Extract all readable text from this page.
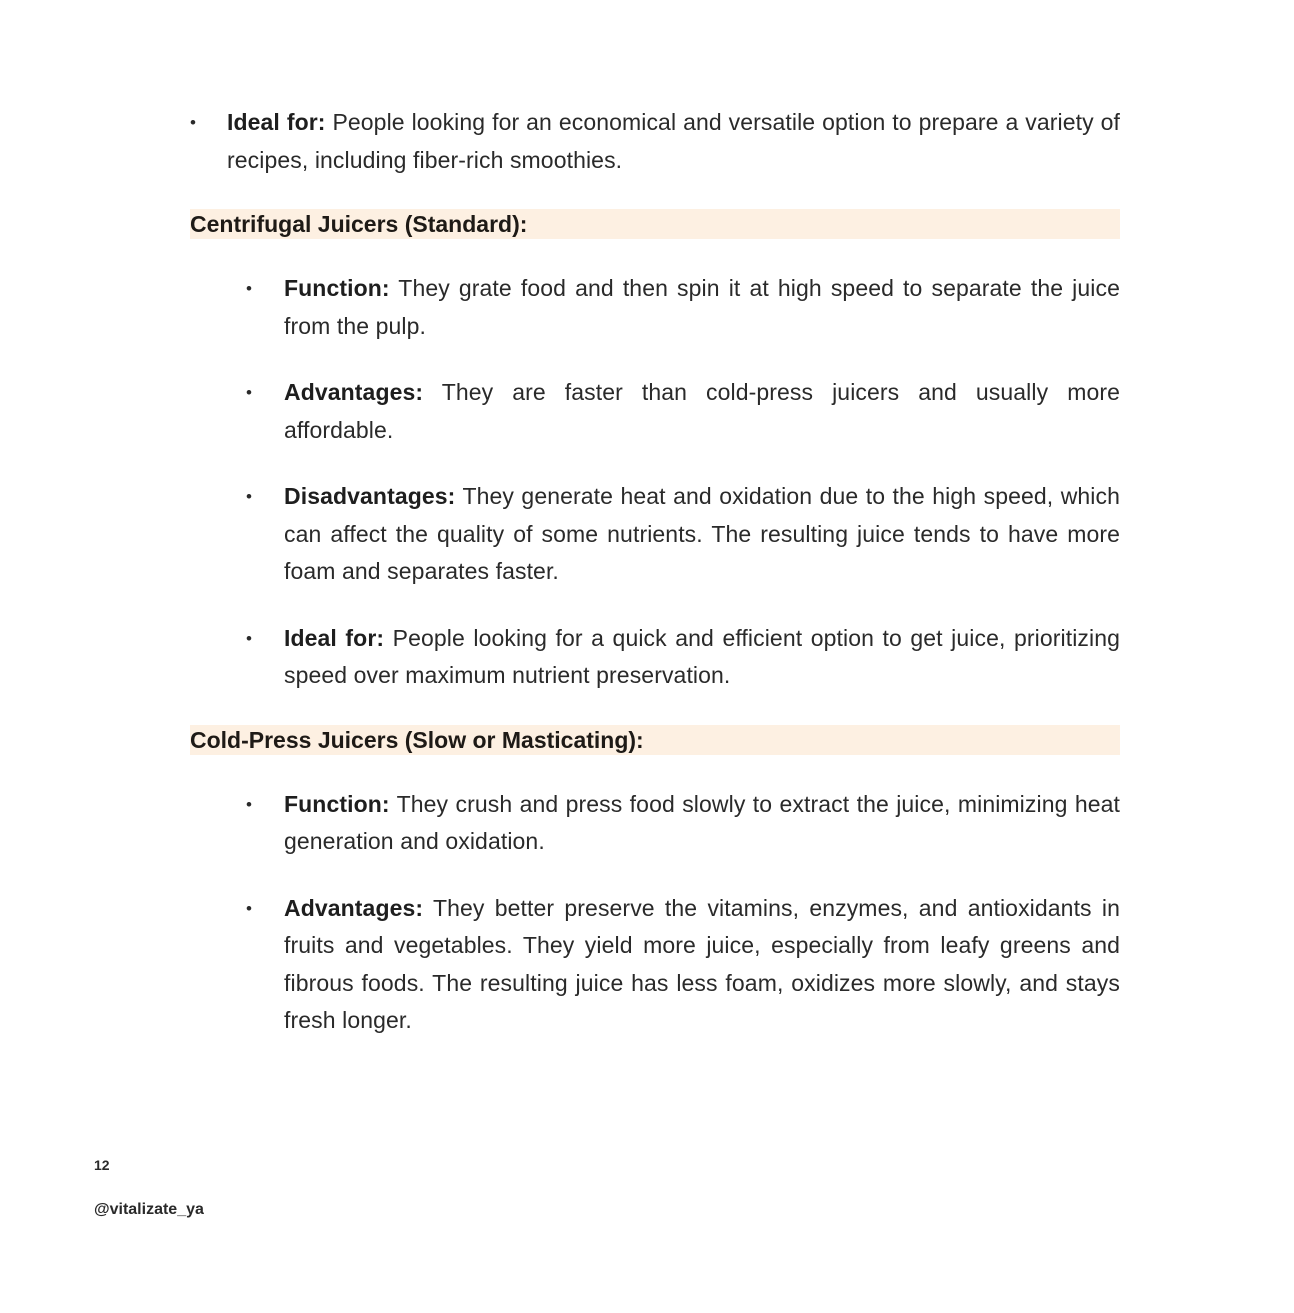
• Ideal for: People looking for an economical and versatile option to prepare a variety of recipes, including fiber-rich smoothies.
Centrifugal Juicers (Standard):
• Function: They grate food and then spin it at high speed to separate the juice from the pulp.
• Advantages: They are faster than cold-press juicers and usually more affordable.
• Disadvantages: They generate heat and oxidation due to the high speed, which can affect the quality of some nutrients. The resulting juice tends to have more foam and separates faster.
• Ideal for: People looking for a quick and efficient option to get juice, prioritizing speed over maximum nutrient preservation.
Cold-Press Juicers (Slow or Masticating):
• Function: They crush and press food slowly to extract the juice, minimizing heat generation and oxidation.
• Advantages: They better preserve the vitamins, enzymes, and antioxidants in fruits and vegetables. They yield more juice, especially from leafy greens and fibrous foods. The resulting juice has less foam, oxidizes more slowly, and stays fresh longer.
12
@vitalizate_ya
